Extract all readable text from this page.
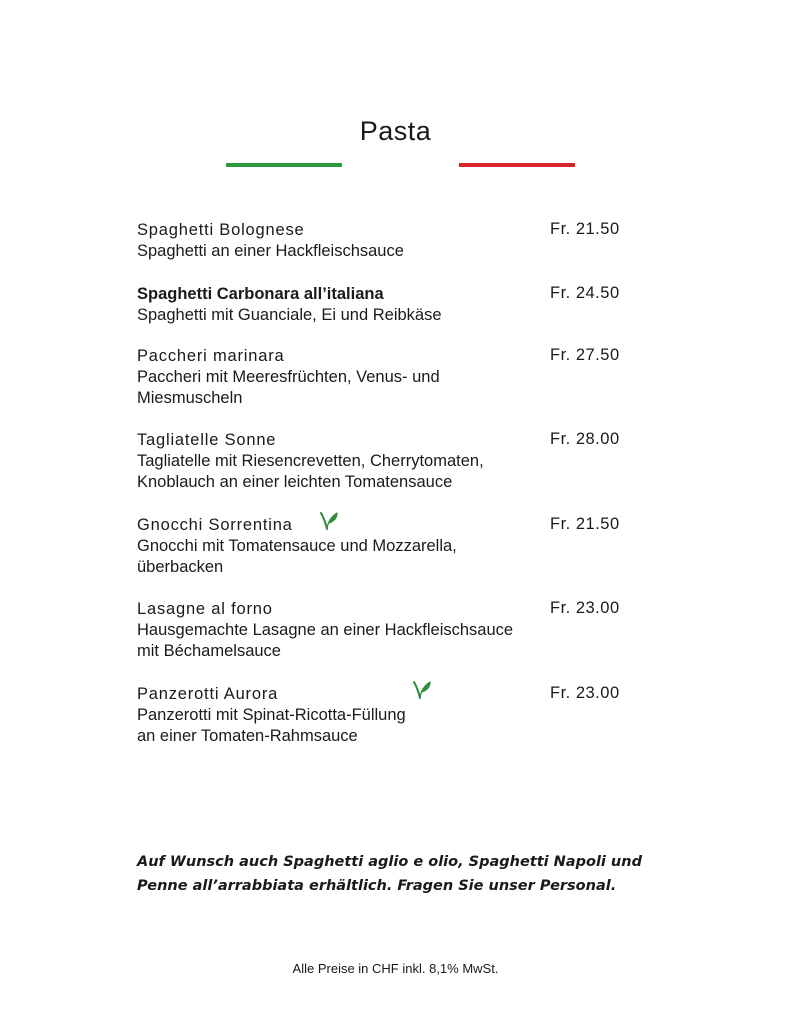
Pasta
Spaghetti Bolognese
Spaghetti an einer Hackfleischsauce
Fr. 21.50
Spaghetti Carbonara all’italiana
Spaghetti mit Guanciale, Ei und Reibkäse
Fr. 24.50
Paccheri marinara
Paccheri mit Meeresfrüchten, Venus- und
Miesmuscheln
Fr. 27.50
Tagliatelle Sonne
Tagliatelle mit Riesencrevetten, Cherrytomaten,
Knoblauch an einer leichten Tomatensauce
Fr. 28.00
Gnocchi Sorrentina
Gnocchi mit Tomatensauce und Mozzarella,
überbacken
Fr. 21.50
Lasagne al forno
Hausgemachte Lasagne an einer Hackfleischsauce
mit Béchamelsauce
Fr. 23.00
Panzerotti Aurora
Panzerotti mit Spinat-Ricotta-Füllung
an einer Tomaten-Rahmsauce
Fr. 23.00
Auf Wunsch auch Spaghetti aglio e olio, Spaghetti Napoli und Penne all’arrabbiata erhältlich. Fragen Sie unser Personal.
Alle Preise in CHF inkl. 8,1% MwSt.
